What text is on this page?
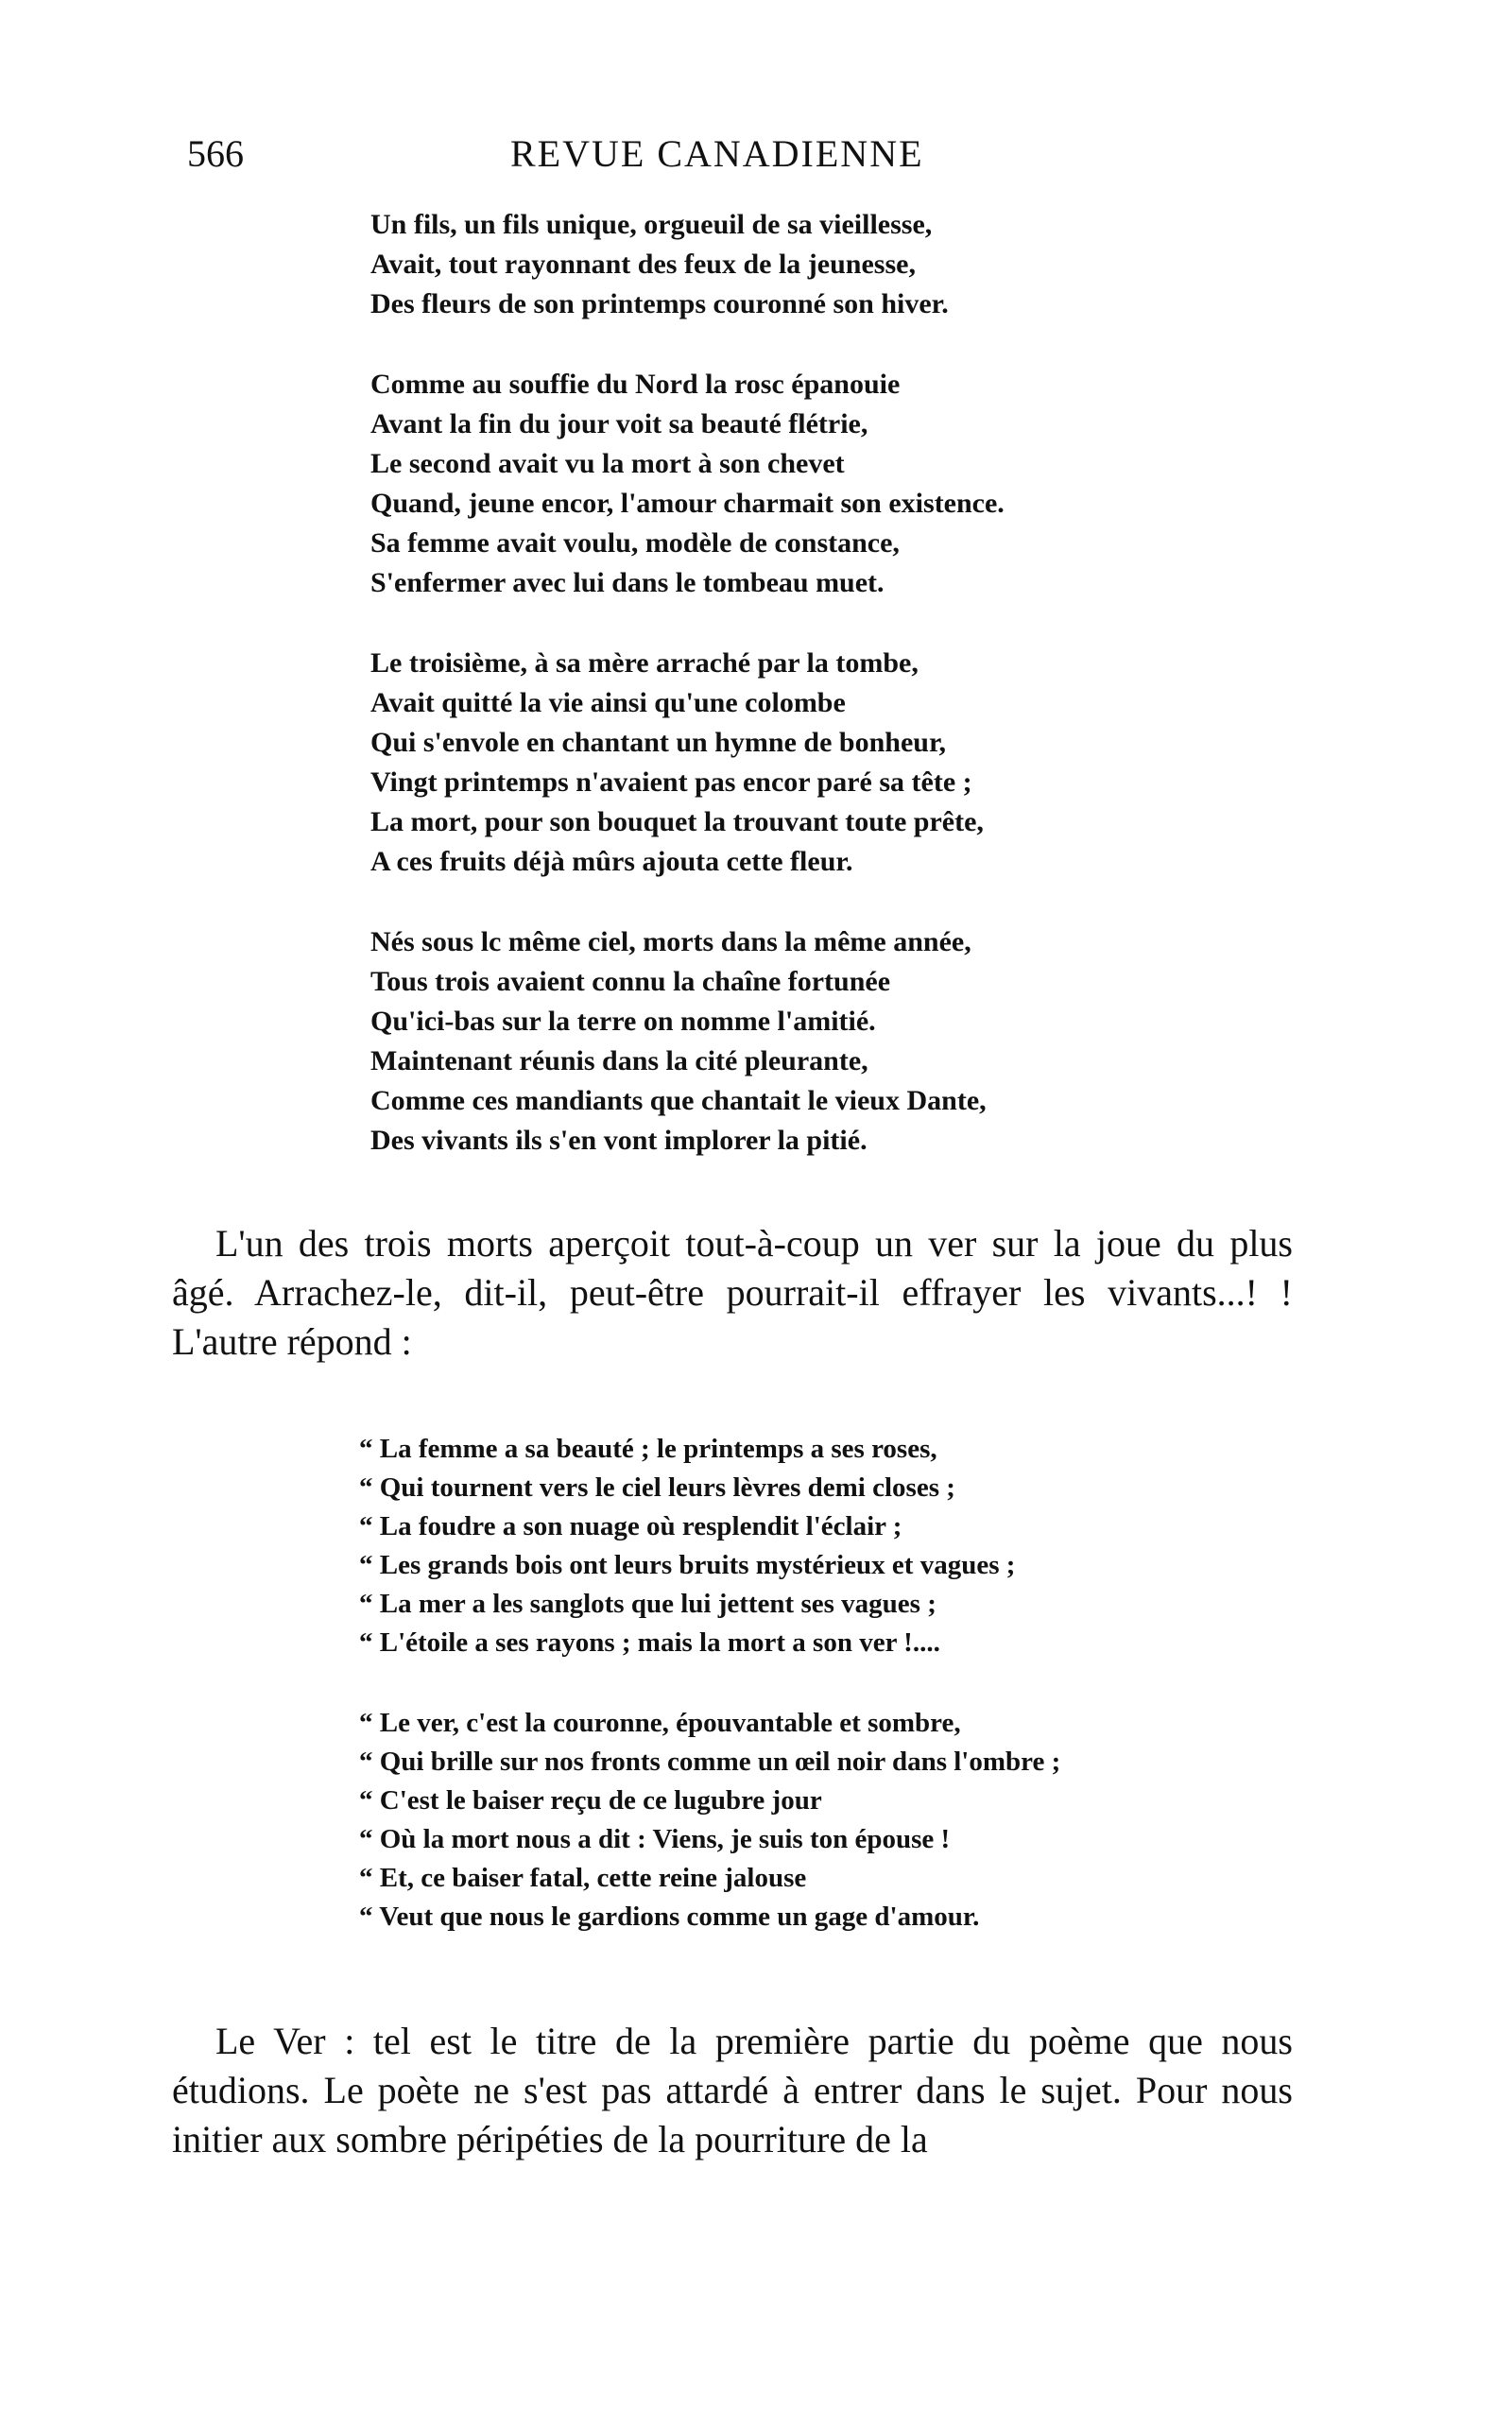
566	REVUE CANADIENNE
Un fils, un fils unique, orgueuil de sa vieillesse,
Avait, tout rayonnant des feux de la jeunesse,
Des fleurs de son printemps couronné son hiver.
Comme au souffie du Nord la rosc épanouie
Avant la fin du jour voit sa beauté flétrie,
Le second avait vu la mort à son chevet
Quand, jeune encor, l'amour charmait son existence.
Sa femme avait voulu, modèle de constance,
S'enfermer avec lui dans le tombeau muet.
Le troisième, à sa mère arraché par la tombe,
Avait quitté la vie ainsi qu'une colombe
Qui s'envole en chantant un hymne de bonheur,
Vingt printemps n'avaient pas encor paré sa tête ;
La mort, pour son bouquet la trouvant toute prête,
A ces fruits déjà mûrs ajouta cette fleur.
Nés sous lc même ciel, morts dans la même année,
Tous trois avaient connu la chaîne fortunée
Qu'ici-bas sur la terre on nomme l'amitié.
Maintenant réunis dans la cité pleurante,
Comme ces mandiants que chantait le vieux Dante,
Des vivants ils s'en vont implorer la pitié.
L'un des trois morts aperçoit tout-à-coup un ver sur la joue du plus âgé. Arrachez-le, dit-il, peut-être pourrait-il effrayer les vivants...! ! L'autre répond :
“ La femme a sa beauté ; le printemps a ses roses,
“ Qui tournent vers le ciel leurs lèvres demi closes ;
“ La foudre a son nuage où resplendit l'éclair ;
“ Les grands bois ont leurs bruits mystérieux et vagues ;
“ La mer a les sanglots que lui jettent ses vagues ;
“ L'étoile a ses rayons ; mais la mort a son ver !....
“ Le ver, c'est la couronne, épouvantable et sombre,
“ Qui brille sur nos fronts comme un œil noir dans l'ombre ;
“ C'est le baiser reçu de ce lugubre jour
“ Où la mort nous a dit : Viens, je suis ton épouse !
“ Et, ce baiser fatal, cette reine jalouse
“ Veut que nous le gardions comme un gage d'amour.
Le Ver : tel est le titre de la première partie du poème que nous étudions. Le poète ne s'est pas attardé à entrer dans le sujet. Pour nous initier aux sombre péripéties de la pourriture de la
